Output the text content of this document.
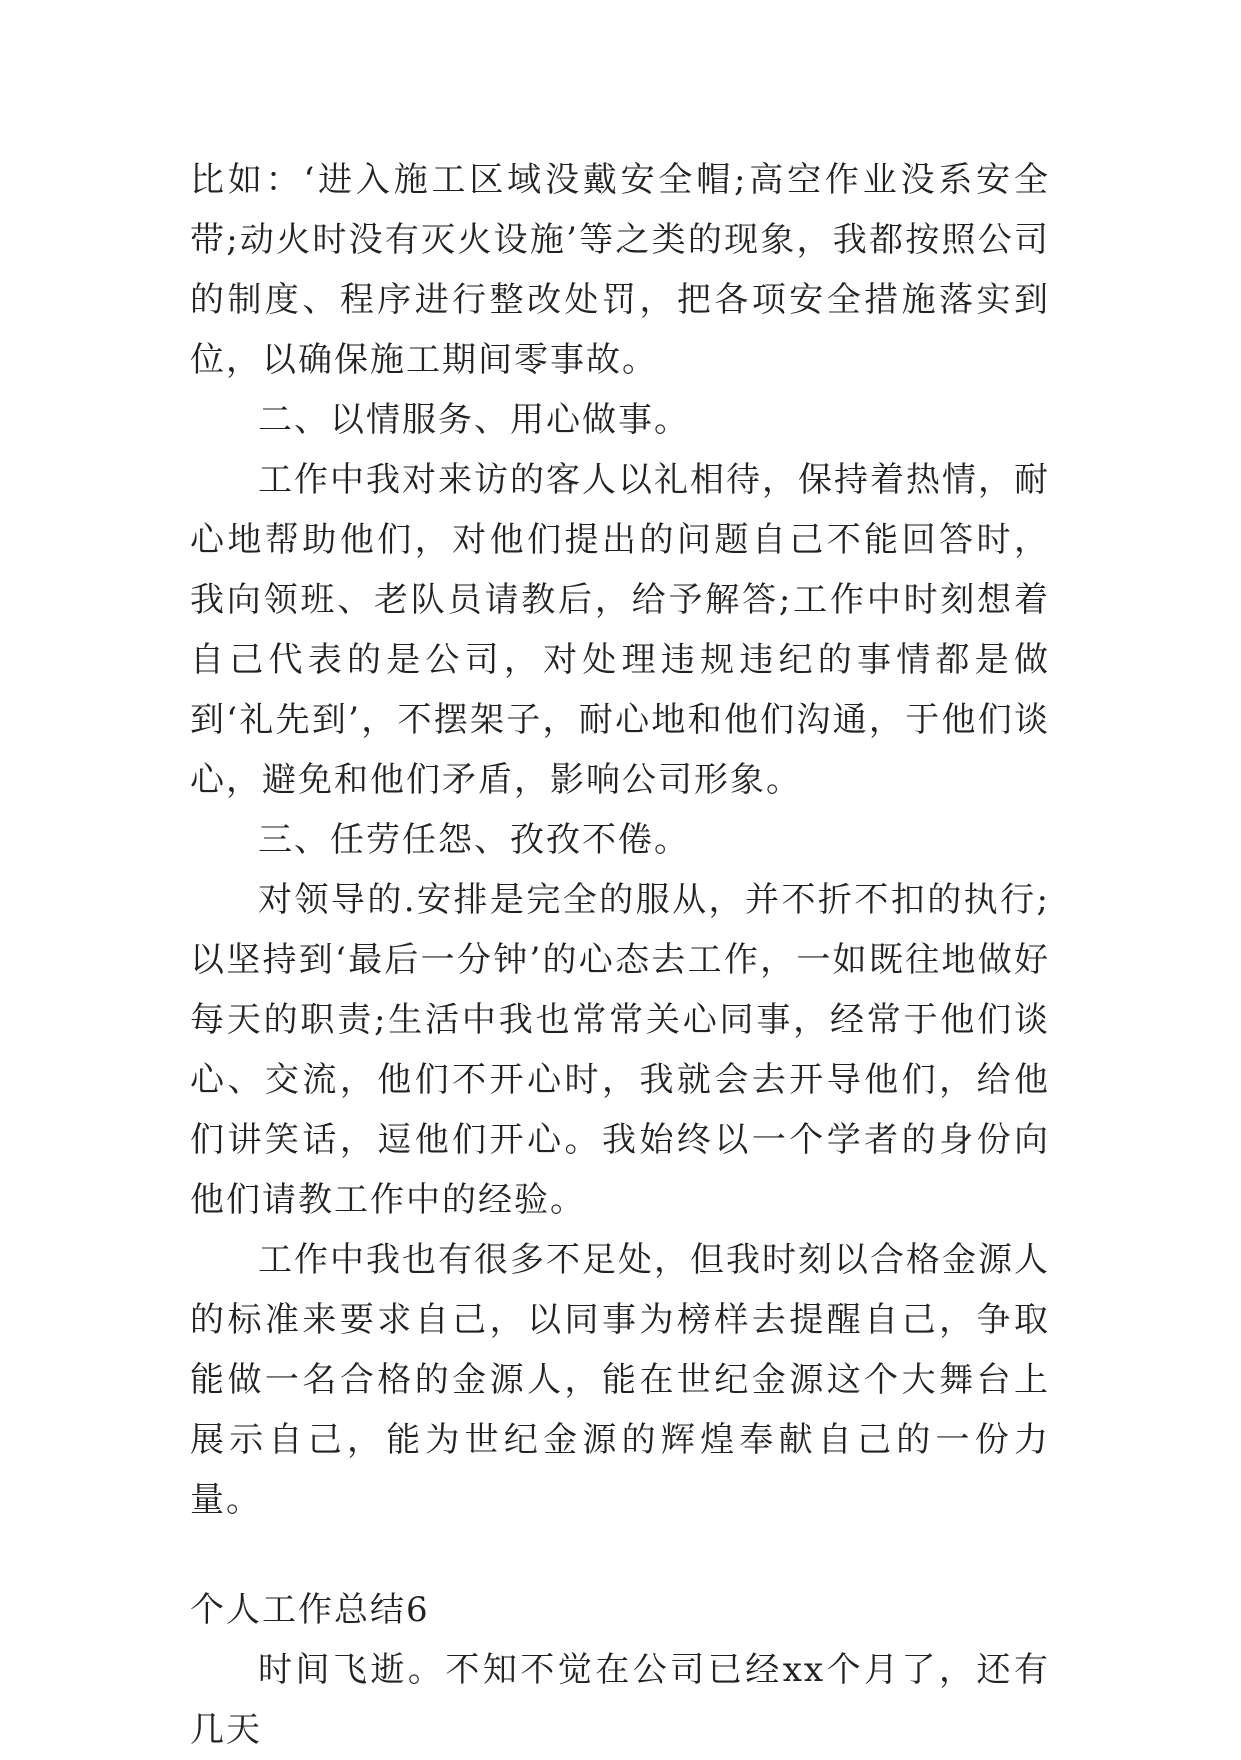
比如：‘进入施工区域没戴安全帽;高空作业没系安全带;动火时没有灭火设施’等之类的现象，我都按照公司的制度、程序进行整改处罚，把各项安全措施落实到位，以确保施工期间零事故。

二、以情服务、用心做事。

工作中我对来访的客人以礼相待，保持着热情，耐心地帮助他们，对他们提出的问题自己不能回答时，我向领班、老队员请教后，给予解答;工作中时刻想着自己代表的是公司，对处理违规违纪的事情都是做到‘礼先到’，不摆架子，耐心地和他们沟通，于他们谈心，避免和他们矛盾，影响公司形象。

三、任劳任怨、孜孜不倦。

对领导的.安排是完全的服从，并不折不扣的执行;以坚持到‘最后一分钟’的心态去工作，一如既往地做好每天的职责;生活中我也常常关心同事，经常于他们谈心、交流，他们不开心时，我就会去开导他们，给他们讲笑话，逗他们开心。我始终以一个学者的身份向他们请教工作中的经验。

工作中我也有很多不足处，但我时刻以合格金源人的标准来要求自己，以同事为榜样去提醒自己，争取能做一名合格的金源人，能在世纪金源这个大舞台上展示自己，能为世纪金源的辉煌奉献自己的一份力量。

个人工作总结6

时间飞逝。不知不觉在公司已经xx个月了，还有几天
